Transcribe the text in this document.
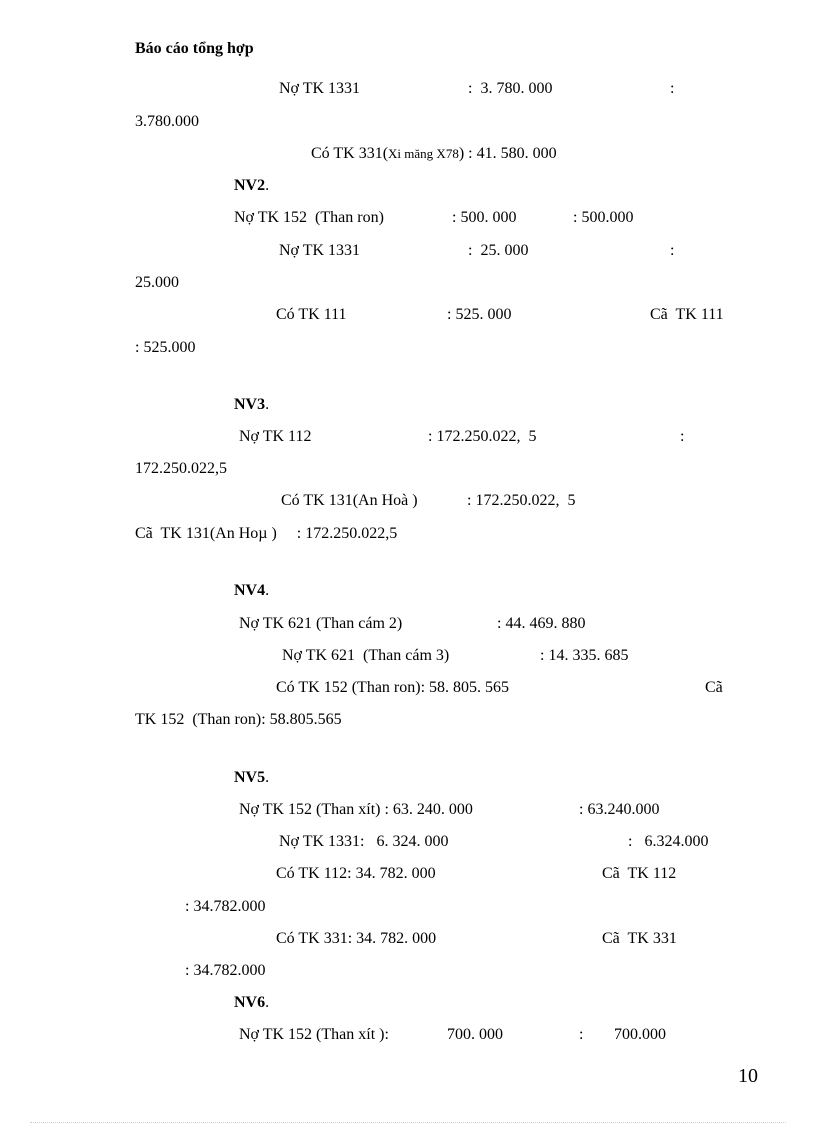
Báo cáo tổng hợp
Nợ TK 1331	:  3. 780. 000	:
3.780.000
Có TK 331(Xi măng X78) : 41. 580. 000
NV2.
Nợ TK 152  (Than ron)	: 500. 000	: 500.000
Nợ TK 1331	:  25. 000	:
25.000
Có TK 111	: 525. 000	Cã  TK 111
: 525.000
NV3.
Nợ TK 112	: 172.250.022,  5	:
172.250.022,5
Có TK 131(An Hoà )	: 172.250.022,  5
Cã  TK 131(An Hoµ )     : 172.250.022,5
NV4.
Nợ TK 621 (Than cám 2)	: 44. 469. 880
Nợ TK 621  (Than cám 3)	: 14. 335. 685
Có TK 152 (Than ron): 58. 805. 565	Cã
TK 152  (Than ron): 58.805.565
NV5.
Nợ TK 152 (Than xít) : 63. 240. 000	: 63.240.000
Nợ TK 1331:   6. 324. 000	:   6.324.000
Có TK 112: 34. 782. 000	Cã  TK 112
: 34.782.000
Có TK 331: 34. 782. 000	Cã  TK 331
: 34.782.000
NV6.
Nợ TK 152 (Than xít ):	700. 000	: 700.000
10
